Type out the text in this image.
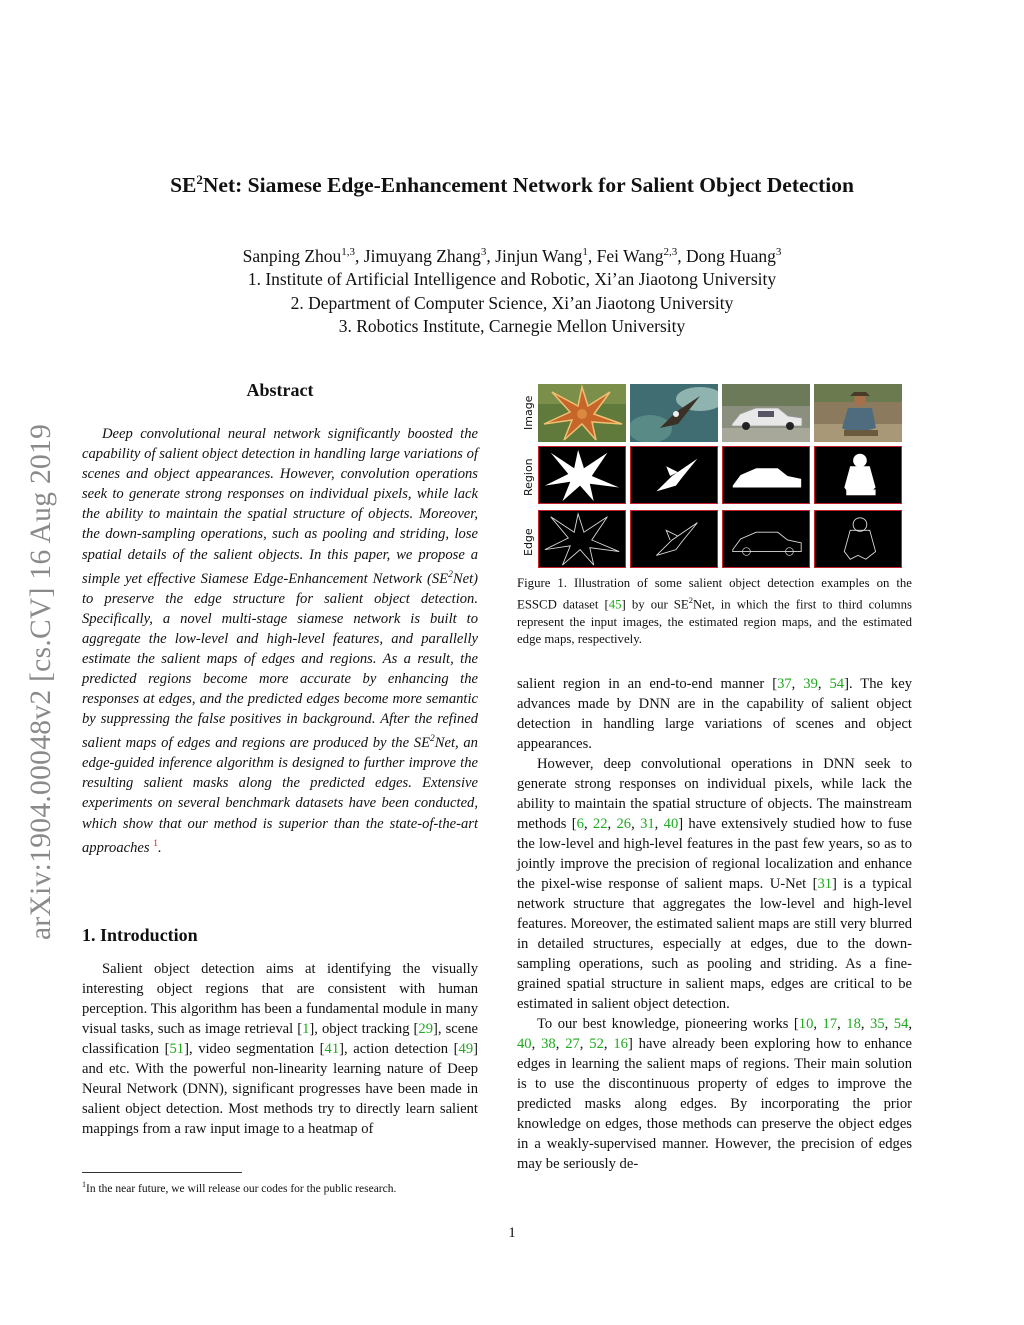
arXiv:1904.00048v2 [cs.CV] 16 Aug 2019
$SE^2Net$: Siamese Edge-Enhancement Network for Salient Object Detection
Sanping Zhou$^{1,3}$, Jimuyang Zhang$^3$, Jinjun Wang$^1$, Fei Wang$^{2,3}$, Dong Huang$^3$
1. Institute of Artificial Intelligence and Robotic, Xi’an Jiaotong University
2. Department of Computer Science, Xi’an Jiaotong University
3. Robotics Institute, Carnegie Mellon University
Abstract

Deep convolutional neural network significantly boosted the capability of salient object detection in handling large variations of scenes and object appearances. However, convolution operations seek to generate strong responses on individual pixels, while lack the ability to maintain the spatial structure of objects. Moreover, the down-sampling operations, such as pooling and striding, lose spatial details of the salient objects. In this paper, we propose a simple yet effective Siamese Edge-Enhancement Network $(SE^2Net)$ to preserve the edge structure for salient object detection. Specifically, a novel multi-stage siamese network is built to aggregate the low-level and high-level features, and parallelly estimate the salient maps of edges and regions. As a result, the predicted regions become more accurate by enhancing the responses at edges, and the predicted edges become more semantic by suppressing the false positives in background. After the refined salient maps of edges and regions are produced by the $SE^2Net$, an edge-guided inference algorithm is designed to further improve the resulting salient masks along the predicted edges. Extensive experiments on several benchmark datasets have been conducted, which show that our method is superior than the state-of-the-art approaches $^1$.

1. Introduction

Salient object detection aims at identifying the visually interesting object regions that are consistent with human perception. This algorithm has been a fundamental module in many visual tasks, such as image retrieval [1], object tracking [29], scene classification [51], video segmentation [41], action detection [49] and etc. With the powerful non-linearity learning nature of Deep Neural Network (DNN), significant progresses have been made in salient object detection. Most methods try to directly learn salient mappings from a raw input image to a heatmap of

$^1$In the near future, we will release our codes for the public research.
Image
Region
Edge
Figure 1. Illustration of some salient object detection examples on the ESSCD dataset [45] by our $SE^2Net$, in which the first to third columns represent the input images, the estimated region maps, and the estimated edge maps, respectively.

salient region in an end-to-end manner [37, 39, 54]. The key advances made by DNN are in the capability of salient object detection in handling large variations of scenes and object appearances.

However, deep convolutional operations in DNN seek to generate strong responses on individual pixels, while lack the ability to maintain the spatial structure of objects. The mainstream methods [6, 22, 26, 31, 40] have extensively studied how to fuse the low-level and high-level features in the past few years, so as to jointly improve the precision of regional localization and enhance the pixel-wise response of salient maps. U-Net [31] is a typical network structure that aggregates the low-level and high-level features. Moreover, the estimated salient maps are still very blurred in detailed structures, especially at edges, due to the down-sampling operations, such as pooling and striding. As a fine-grained spatial structure in salient maps, edges are critical to be estimated in salient object detection.

To our best knowledge, pioneering works [10, 17, 18, 35, 54, 40, 38, 27, 52, 16] have already been exploring how to enhance edges in learning the salient maps of regions. Their main solution is to use the discontinuous property of edges to improve the predicted masks along edges. By incorporating the prior knowledge on edges, those methods can preserve the object edges in a weakly-supervised manner. However, the precision of edges may be seriously de-

1
